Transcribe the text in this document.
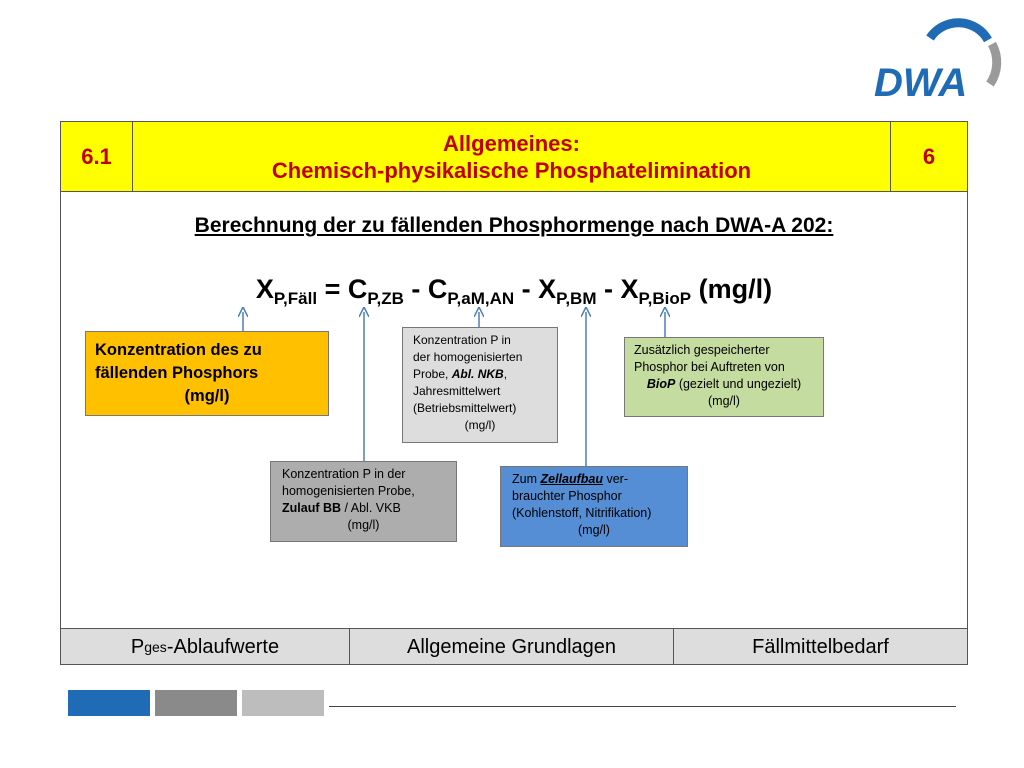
DWA
6.1
Allgemeines:
Chemisch-physikalische Phosphatelimination
6
Berechnung der zu fällenden Phosphormenge nach DWA-A 202:
$X_{P,Fäll} = C_{P,ZB} - C_{P,aM,AN} - X_{P,BM} - X_{P,BioP}$ (mg/l)
Konzentration des zu
fällenden Phosphors

(mg/l)
Konzentration P in
der homogenisierten
Probe, Abl. NKB,
Jahresmittelwert
(Betriebsmittelwert)

(mg/l)
Zusätzlich gespeicherter
Phosphor bei Auftreten von

BioP (gezielt und ungezielt)
(mg/l)
Konzentration P in der
homogenisierten Probe,
Zulauf BB / Abl. VKB

(mg/l)
Zum Zellaufbau ver-
brauchter Phosphor
(Kohlenstoff, Nitrifikation)

(mg/l)
P ges -Ablaufwerte	Allgemeine Grundlagen	Fällmittelbedarf
